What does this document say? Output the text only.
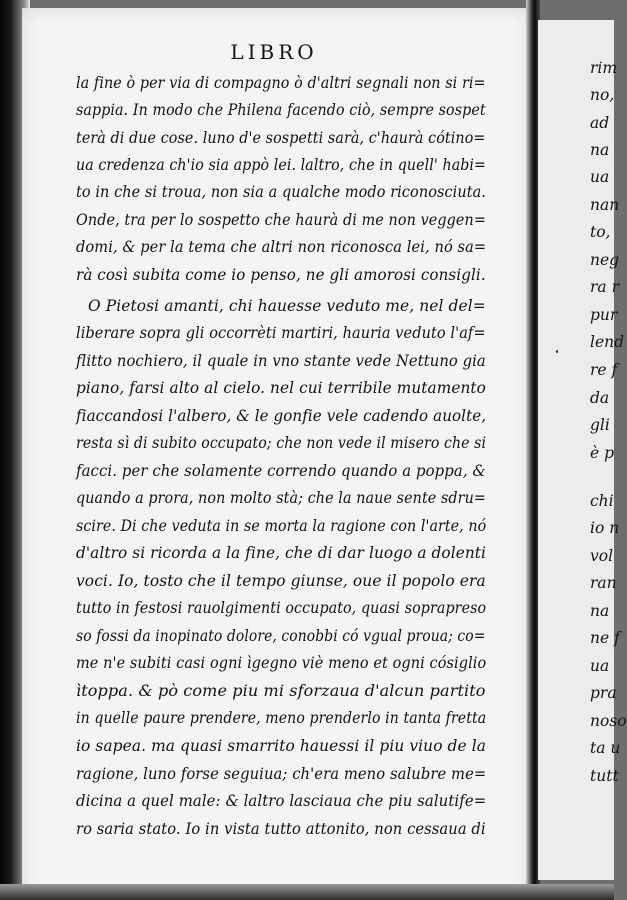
rim
no,
ad
na
ua
nan
to,
neg
ra r
pur
lend
re f
da
gli
è p
chi
io n
vol
ran
na
ne f
ua
pra
noso
ta u
tutt
LIBRO
la fine ò per via di compagno ò d'altri segnali non si ri=
sappia. In modo che Philena facendo ciò, sempre sospet
terà di due cose. luno d'e sospetti sarà, c'haurà cótino=
ua credenza ch'io sia appò lei. laltro, che in quell' habi=
to in che si troua, non sia a qualche modo riconosciuta.
Onde, tra per lo sospetto che haurà di me non veggen=
domi, & per la tema che altri non riconosca lei, nó sa=
rà così subita come io penso, ne gli amorosi consigli.
O Pietosi amanti, chi hauesse veduto me, nel del=
liberare sopra gli occorrèti martiri, hauria veduto l'af=
flitto nochiero, il quale in vno stante vede Nettuno gia
piano, farsi alto al cielo. nel cui terribile mutamento
fiaccandosi l'albero, & le gonfie vele cadendo auolte,
resta sì di subito occupato; che non vede il misero che si
facci. per che solamente correndo quando a poppa, &
quando a prora, non molto stà; che la naue sente sdru=
scire. Di che veduta in se morta la ragione con l'arte, nó
d'altro si ricorda a la fine, che di dar luogo a dolenti
voci. Io, tosto che il tempo giunse, oue il popolo era
tutto in festosi rauolgimenti occupato, quasi soprapreso
so fossi da inopinato dolore, conobbi có vgual proua; co=
me n'e subiti casi ogni ìgegno viè meno et ogni cósiglio
ìtoppa. & pò come piu mi sforzaua d'alcun partito
in quelle paure prendere, meno prenderlo in tanta fretta
io sapea. ma quasi smarrito hauessi il piu viuo de la
ragione, luno forse seguiua; ch'era meno salubre me=
dicina a quel male: & laltro lasciaua che piu salutife=
ro saria stato. Io in vista tutto attonito, non cessaua di
